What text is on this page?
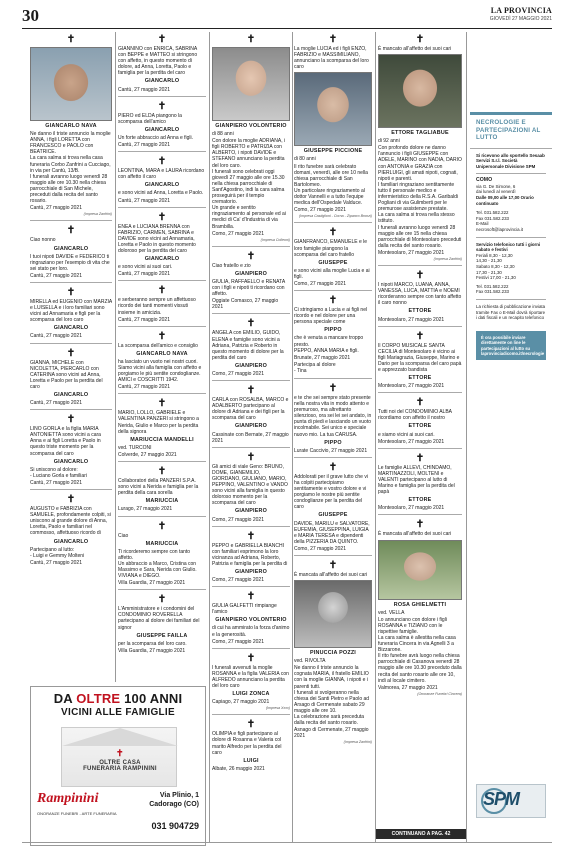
30	LA PROVINCIA
GIOVEDÌ 27 MAGGIO 2021
✝
GIANCARLO NAVA
Ne danno il triste annuncio la moglie ANNA, i figli LORETTA con FRANCESCO e PAOLO con BEATRICE.
La cara salma si trova nella casa funeraria Corbo Zanfrini a Cucciago, in via per Cantù, 13/B.
I funerali avranno luogo venerdì 28 maggio alle ore 10.30 nella chiesa parrocchiale di San Michele, preceduti dalla recita del santo rosario.
Cantù, 27 maggio 2021
(Impresa Zanfrini)
✝
Ciao nonno
GIANCARLO
I tuoi nipoti DAVIDE e FEDERICO ti ringraziano per l'esempio di vita che sei stato per loro.
Cantù, 27 maggio 2021
✝
MIRELLA ed EUGENIO con MARZIA e LUISELLA e i loro familiari sono vicini ad Annamaria e figli per la scomparsa del loro caro
GIANCARLO
Cantù, 27 maggio 2021
✝
GIANNA, MICHELE con NICOLETTA, PIERCARLO con CATERINA sono vicini ad Anna, Loretta e Paolo per la perdita del caro
GIANCARLO
Cantù, 27 maggio 2021
✝
LINO GORLA e la figlia MARIA ANTONIETTA sono vicini a cara Anna e ai figli Loretta e Paolo in questo triste momento per la scomparsa del caro
GIANCARLO
Si uniscono al dolore:
- Luciano Gorla e familiari
Cantù, 27 maggio 2021
✝
AUGUSTO e FABRIZIA con SAMUELE, profondamente colpiti, si uniscono al grande dolore di Anna, Loretta, Paolo e familiari nel commosso, affettuoso ricordo di
GIANCARLO
Partecipano al lutto:
- Luigi e Gemmy Molteni
Cantù, 27 maggio 2021
✝
GIANNINO con ENRICA, SABRINA con BEPPE e MATTEO si stringono con affetto, in questo momento di dolore, ad Anna, Loretta, Paolo e famiglia per la perdita del caro
GIANCARLO
Cantù, 27 maggio 2021
✝
PIERO ed ELDA piangono la scomparsa dell'amico
GIANCARLO
Un forte abbraccio ad Anna e figli.
Cantù, 27 maggio 2021
✝
LEONTINA, MARA e LAURA ricordano con affetto il caro
GIANCARLO
e sono vicini ad Anna, Loretta e Paolo.
Cantù, 27 maggio 2021
✝
ENEA e LUCIANA BRENNA con FABRIZIO, CARMEN, SABRINA e DAVIDE sono vicini ad Annamaria, Loretta e Paolo in questo momento doloroso per la perdita del caro
GIANCARLO
e sono vicini ai suoi cari.
Cantù, 27 maggio 2021
✝
e serberanno sempre un affettuoso ricordo dei tanti momenti vissuti insieme in amicizia.
Cantù, 27 maggio 2021
✝
La scomparsa dell'amico e consiglio
GIANCARLO NAVA
ha lasciato un vuoto nei nostri cuori.
Siamo vicini alla famiglia con affetto e porgiamo le più sentite condoglianze.
AMICI e COSCRITTI 1942.
Cantù, 27 maggio 2021
✝
MARIO, LOLLO, GABRIELE e VALENTINA PANZERI si stringono a Nerida, Giulio e Marco per la perdita della signora
MARIUCCIA MANDELLI
ved. TURCONI
Colverde, 27 maggio 2021
✝
Collaboratori della PANZERI S.P.A. sono vicini a Nerida e famiglia per la perdita della cara sorella
MARIUCCIA
Lurago, 27 maggio 2021
✝
Ciao
MARIUCCIA
Ti ricorderemo sempre con tanto affetto.
Un abbraccio a Marco, Cristina con Massimo e Sara, Nerida con Giulio.
VIVIANA e DIEGO.
Villa Guardia, 27 maggio 2021
✝
L'Amministratore e i condomini del CONDOMINIO ROVERELLA partecipano al dolore dei familiari del signor
GIUSEPPE FAILLA
per la scomparsa del loro caro.
Villa Guardia, 27 maggio 2021
✝
GIANPIERO VOLONTERIO
di 88 anni
Con dolore la moglie ADRIANA, i figli ROBERTO e PATRIZIA con ALBERTO, i nipoti DAVIDE e STEFANO annunciano la perdita del loro caro.
I funerali sono celebrati oggi giovedì 27 maggio alle ore 15.30 nella chiesa parrocchiale di Sant'Agostino, indi la cara salma proseguirà per il tempio crematorio.
Un grande e sentito ringraziamento al personale ed ai medici di Ca' d'Industria di via Brambilla.
Como, 27 maggio 2021
(Impresa Colleoni)
✝
Ciao fratello e zio
GIANPIERO
GIULIA, RAFFAELLO e RENATA con i figli e nipoti ti ricordano con affetto.
Oggiate Comasco, 27 maggio 2021
✝
ANGELA con EMILIO, GUIDO, ELENA e famiglie sono vicini a Adriana, Patrizia e Roberto in questo momento di dolore per la perdita del caro
GIANPIERO
Como, 27 maggio 2021
✝
CARLA con ROSALBA, MARCO e ADALBERTO partecipano al dolore di Adriana e dei figli per la scomparsa del caro
GIANPIERO
Cassinate con Bernate, 27 maggio 2021
✝
Gli amici di viale Geno: BRUNO, DOME, GIANEMILIO, GIORDANO, GIULIANO, MARIO, PEPPINO, VALENTINO e VANDO sono vicini alla famiglia in questo doloroso momento per la scomparsa del caro
GIANPIERO
Como, 27 maggio 2021
✝
PEPPO e GABRIELLA BIANCHI con familiari esprimono la loro vicinanza ad Adriana, Roberto, Patrizia e famiglia per la perdita di
GIANPIERO
Como, 27 maggio 2021
✝
GIULIA GALFETTI rimpiange l'amico
GIANPIERO VOLONTERIO
di cui ha ammirato la forza d'animo e la generosità.
Como, 27 maggio 2021
✝
I funerali avvenuti la moglie ROSANNA e la figlia VALERIA con ALFREDO annunciano la perdita del loro caro
LUIGI ZONCA
Capiago, 27 maggio 2021
(Impresa Xxxx)
✝
OLIMPIA e figli partecipano al dolore di Rosanna e Valeria col marito Alfredo per la perdita del caro
LUIGI
Albate, 26 maggio 2021
✝
La moglie LUCIA ed i figli ENZO, FABRIZIO e MASSIMILIANO, annunciano la scomparsa del loro caro
GIUSEPPE PICCIONE
di 80 anni
Il rito funebre sarà celebrato domani, venerdì, alle ore 10 nella chiesa parrocchiale di San Bartolomeo.
Un particolare ringraziamento al dottor Vannelli e a tutto l'equipe medica dell'Ospedale Valduce.
Como, 27 maggio 2021
(Impresa Castiglioni - Corna - Zipanco Bronzi)
✝
GIANFRANCO, EMANUELE e le loro famiglie piangono la scomparsa del caro fratello
GIUSEPPE
e sono vicini alla moglie Lucia e ai figli.
Como, 27 maggio 2021
✝
Ci stringiamo a Lucia e ai figli nel ricordo e nel dolore per una persona speciale come
PIPPO
che è venuta a mancare troppo presto.
PEPPO, ANNA MARIA e figli.
Brunate, 27 maggio 2021
Partecipa al dolore
- Tina
✝
e te che sei sempre stato presente nella nostra vita in modo attento e premuroso, ma altrettanto silenzioso, ora sei lei sei andato, in punta di piedi e lasciando un vuoto incolmabile. Sei unico e speciale nuovo mio. La tua CARUSA.
PIPPO
Lurate Caccivio, 27 maggio 2021
✝
Addolorati per il grave lutto che vi ha colpiti partecipiamo sentitamente e vostro dolore e vi porgiamo le nostre più sentite condoglianze per la perdita del caro
GIUSEPPE
DAVIDE, MARILU e SALVATORE, EUFEMIA, GIUSEPPINA, LUIGIA e MARIA TERESA e dipendenti della PIZZERIA DA QUINTO.
Como, 27 maggio 2021
✝
È mancata all'affetto dei suoi cari
PINUCCIA POZZI
ved. RIVOLTA
Ne danno il triste annuncio la cognata MARIA, il fratello EMILIO con la moglie GIANNA, i nipoti e i parenti tutti.
I funerali si svolgeranno nella chiesa dei Santi Pietro e Paolo ad Arsago di Cermenate sabato 29 maggio alle ore 10.
La celebrazione sarà preceduta dalla recita del santo rosario.
Asnago di Cermenate, 27 maggio 2021
(Impresa Zanfrini)
✝
È mancato all'affetto dei suoi cari
ETTORE TAGLIABUE
di 92 anni
Con profondo dolore ne danno l'annuncio i figli GIUSEPPE con ADELE, MARINO con NADIA, DARIO con ANTONIA e GRAZIA con PIERLUIGI, gli amati nipoti, cognati, nipoti e parenti.
I familiari ringraziano sentitamente tutto il personale medico e infermieristico della R.S.A. Garibaldi Pogliani di via Gulimberti per le premurose assistenze prestate.
La cara salma si trova nella stesso istituto.
I funerali avranno luogo venerdì 28 maggio alle ore 15 nella chiesa parrocchiale di Montesolaro preceduti dalla recita del santo rosario.
Montesolaro, 27 maggio 2021
(Impresa Zanfrini)
✝
I nipoti MARCO, LUANA, ANNA, VANESSA, LUCA, MATTIA e NOEMI ricorderanno sempre con tanto affetto il caro nonno
ETTORE
Montesolaro, 27 maggio 2021
✝
Il CORPO MUSICALE SANTA CECILIA di Montesolaro è vicino ai figli Mariagrazia, Giuseppe, Marino e Dario per la scomparsa del caro papà e apprezzato bandista
ETTORE
Montesolaro, 27 maggio 2021
✝
Tutti noi del CONDOMINIO ALBA ricordiamo con affetto il nostro
ETTORE
e siamo vicini ai suoi cari.
Montesolaro, 27 maggio 2021
✝
Le famiglie ALLEVI, CHINDAMO, MARTINAZZOLI, MOLTENI e VALENTI partecipano al lutto di Marino e famiglia per la perdita del papà
ETTORE
Montesolaro, 27 maggio 2021
✝
È mancata all'affetto dei suoi cari
ROSA GHIELMETTI
ved. VELLA
Lo annunciano con dolore i figli ROSANNA e TIZIANO con le rispettive famiglie.
La cara salma è allestita nella casa funeraria Cincera in via Agnelli 3 a Bizzarone.
Il rito funebre avrà luogo nella chiesa parrocchiale di Casanova venerdì 28 maggio alle ore 10.30 preceduto dalla recita del santo rosario alle ore 10, indi al locale cimitero.
Valmorea, 27 maggio 2021
(Onoranze Funebri Cincera)
DA OLTRE 100 ANNI
VICINI ALLE FAMIGLIE
✝
OLTRE CASA FUNERARIA RAMPININI
Rampinini
ONORANZE FUNEBRI - ARTE FUNERARIA
Via Plinio, 1
Cadorago (CO)
031 904729
NECROLOGIE E PARTECIPAZIONI AL LUTTO
Si ricevono allo sportello Sesaab Servizi S.r.l. Società Unipersonale Divisione SPM
COMO
via G. De Simone, 6
dai lunedì al venerdì
Dalle 09,00 alle 17,00 Orario continuato
Tel. 031.582.222
Fax 031.582.233
E-Mail
necrosoft@laprovincia.it
Servizio telefonico tutti i giorni sabato e festivi
Feriali 8,30 - 12,30
14,30 - 21,30
Sabato 8,30 - 12,30
17,30 - 21,30
Festivi 17,00 - 21,30
Tel. 031.582.222
Fax 031.582.233
La richiesta di pubblicazione inviata tramite Fax o E-Mail dovrà riportare i dati fiscali e un recapito telefonico
È ora possibile inviare direttamente on line le partecipazioni al lutto su laprovinciadicomo.it/necrologie
SPM
CONTINUANO A PAG. 42
